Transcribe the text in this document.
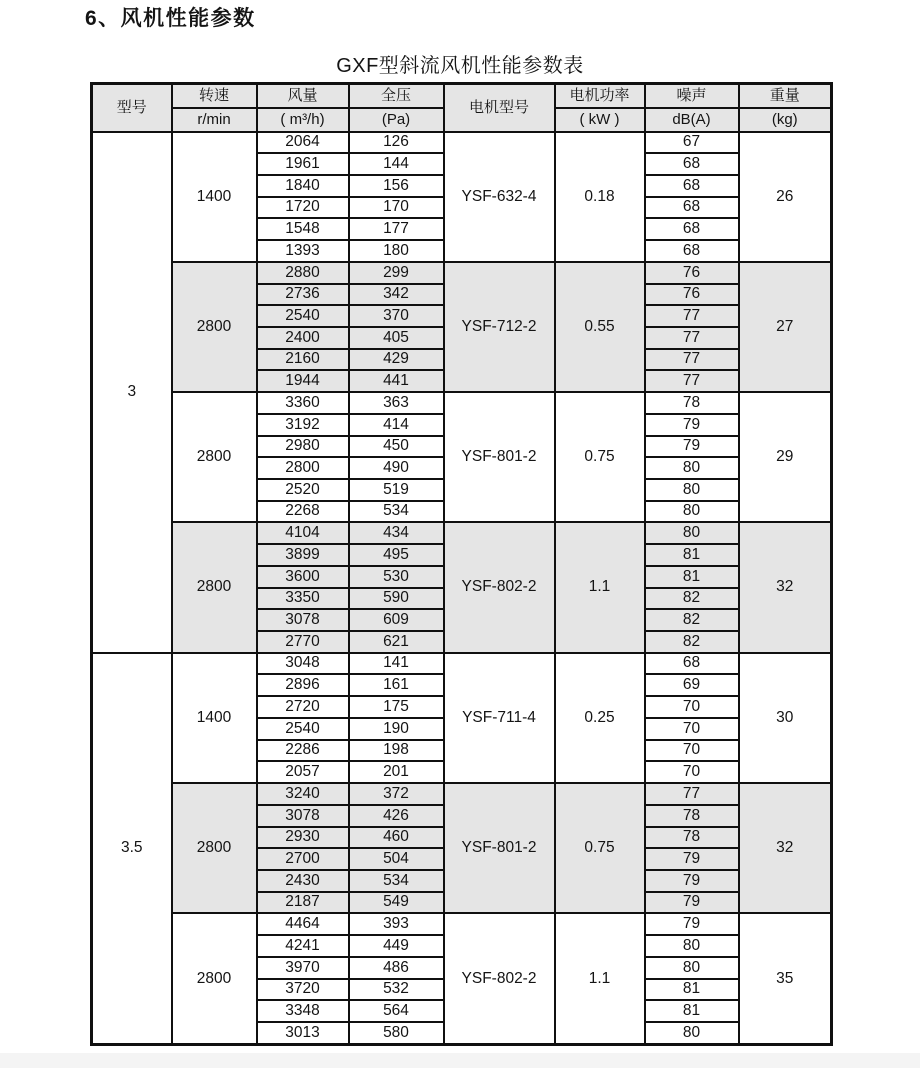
6、风机性能参数
GXF型斜流风机性能参数表
型号	转速	风量	全压	电机型号	电机功率	噪声	重量
	r/min	( m³/h)	(Pa)		( kW )	dB(A)	(kg)
3	1400	2064	126	YSF-632-4	0.18	67	26
		1961	144			68	
		1840	156			68	
		1720	170			68	
		1548	177			68	
		1393	180			68	
	2800	2880	299	YSF-712-2	0.55	76	27
		2736	342			76	
		2540	370			77	
		2400	405			77	
		2160	429			77	
		1944	441			77	
	2800	3360	363	YSF-801-2	0.75	78	29
		3192	414			79	
		2980	450			79	
		2800	490			80	
		2520	519			80	
		2268	534			80	
	2800	4104	434	YSF-802-2	1.1	80	32
		3899	495			81	
		3600	530			81	
		3350	590			82	
		3078	609			82	
		2770	621			82	
3.5	1400	3048	141	YSF-711-4	0.25	68	30
		2896	161			69	
		2720	175			70	
		2540	190			70	
		2286	198			70	
		2057	201			70	
	2800	3240	372	YSF-801-2	0.75	77	32
		3078	426			78	
		2930	460			78	
		2700	504			79	
		2430	534			79	
		2187	549			79	
	2800	4464	393	YSF-802-2	1.1	79	35
		4241	449			80	
		3970	486			80	
		3720	532			81	
		3348	564			81	
		3013	580			80	
